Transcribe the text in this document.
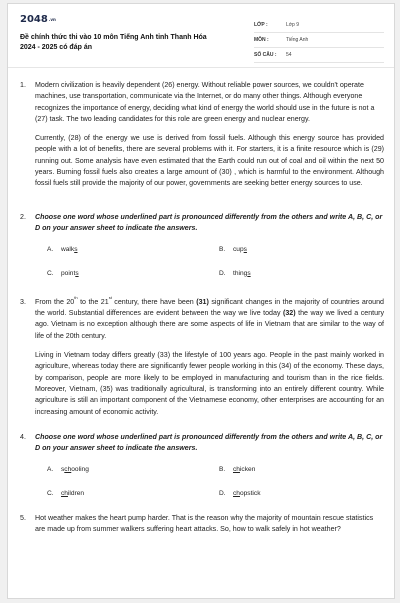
$2048^{.vn}$
Đề chính thức thi vào 10 môn Tiếng Anh tỉnh Thanh Hóa
2024 - 2025 có đáp án
LỚP :	Lớp 9
MÔN :	Tiếng Anh
SỐ CÂU :	54
1. Modern civilization is heavily dependent (26) energy. Without reliable power sources, we couldn't operate machines, use transportation, communicate via the Internet, or do many other things. Although everyone recognizes the importance of energy, deciding what kind of energy the world should use in the future is not a (27) task. The two leading candidates for this role are green energy and nuclear energy.

Currently, (28) of the energy we use is derived from fossil fuels. Although this energy source has provided people with a lot of benefits, there are several problems with it. For starters, it is a finite resource which is (29) running out. Some analysis have even estimated that the Earth could run out of coal and oil within the next 50 years. Burning fossil fuels also creates a large amount of (30) , which is harmful to the environment. Although fossil fuels still provide the majority of our power, governments are seeking better energy sources to use.

2. Choose one word whose underlined part is pronounced differently from the others and write A, B, C, or D on your answer sheet to indicate the answers.
A. walks	B. cups
C. points	D. things
3. From the 20th to the 21st century, there have been (31) significant changes in the majority of countries around the world. Substantial differences are evident between the way we live today (32) the way we lived a century ago. Vietnam is no exception although there are some aspects of life in Vietnam that are similar to the way of life of the 20th century.

Living in Vietnam today differs greatly (33) the lifestyle of 100 years ago. People in the past mainly worked in agriculture, whereas today there are significantly fewer people working in this (34) of the economy. These days, by comparison, people are more likely to be employed in manufacturing and tourism than in the rice fields. Moreover, Vietnam, (35) was traditionally agricultural, is transforming into an entirely different country. While agriculture is still an important component of the Vietnamese economy, other enterprises are accounting for an increasing amount of economic activity.

4. Choose one word whose underlined part is pronounced differently from the others and write A, B, C, or D on your answer sheet to indicate the answers.
A. schooling	B. chicken
C. children	D. chopstick
5. Hot weather makes the heart pump harder. That is the reason why the majority of mountain rescue statistics are made up from summer walkers suffering heart attacks. So, how to walk safely in hot weather?
